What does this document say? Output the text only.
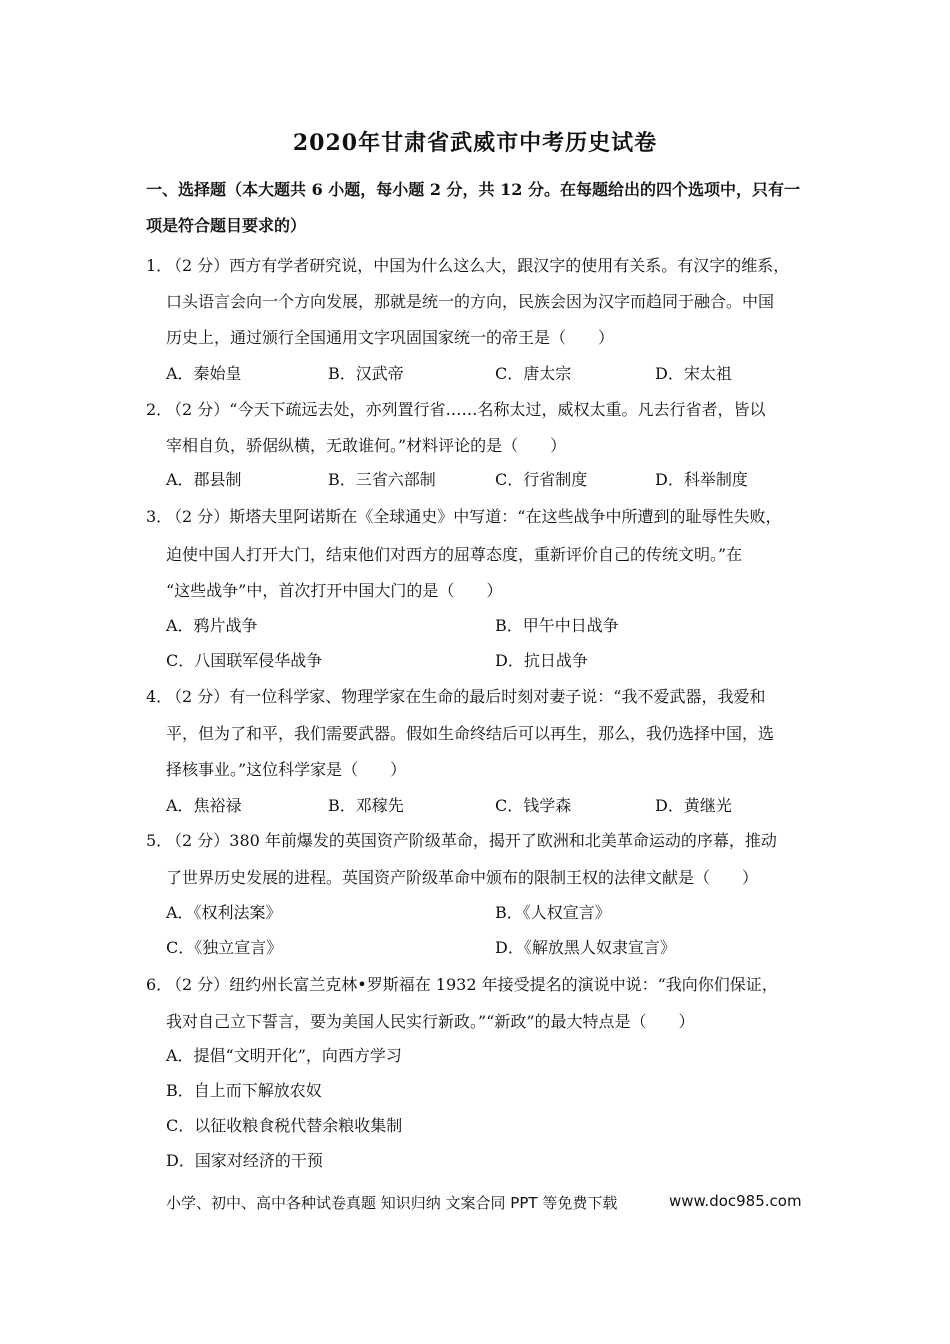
2020年甘肃省武威市中考历史试卷
一、选择题（本大题共 6 小题，每小题 2 分，共 12 分。在每题给出的四个选项中，只有一
项是符合题目要求的）
1．
（2 分）西方有学者研究说，中国为什么这么大，跟汉字的使用有关系。有汉字的维系，
口头语言会向一个方向发展，那就是统一的方向，民族会因为汉字而趋同于融合。中国
历史上，通过颁行全国通用文字巩固国家统一的帝王是（　　）
A．秦始皇	B．汉武帝	C．唐太宗	D．宋太祖
2．
（2 分）“今天下疏远去处，亦列置行省……名称太过，威权太重。凡去行省者，皆以
宰相自负，骄倨纵横，无敢谁何。”材料评论的是（　　）
A．郡县制	B．三省六部制	C．行省制度	D．科举制度
3．
（2 分）斯塔夫里阿诺斯在《全球通史》中写道：“在这些战争中所遭到的耻辱性失败，
迫使中国人打开大门，结束他们对西方的屈尊态度，重新评价自己的传统文明。”在
“这些战争”中，首次打开中国大门的是（　　）
A．鸦片战争	B．甲午中日战争
C．八国联军侵华战争	D．抗日战争
4．
（2 分）有一位科学家、物理学家在生命的最后时刻对妻子说：“我不爱武器，我爱和
平，但为了和平，我们需要武器。假如生命终结后可以再生，那么，我仍选择中国，选
择核事业。”这位科学家是（　　）
A．焦裕禄	B．邓稼先	C．钱学森	D．黄继光
5．
（2 分）380 年前爆发的英国资产阶级革命，揭开了欧洲和北美革命运动的序幕，推动
了世界历史发展的进程。英国资产阶级革命中颁布的限制王权的法律文献是（　　）
A．《权利法案》	B．《人权宣言》
C．《独立宣言》	D．《解放黑人奴隶宣言》
6．
（2 分）纽约州长富兰克林•罗斯福在 1932 年接受提名的演说中说：“我向你们保证，
我对自己立下誓言，要为美国人民实行新政。”“新政”的最大特点是（　　）
A．提倡“文明开化”，向西方学习
B．自上而下解放农奴
C．以征收粮食税代替余粮收集制
D．国家对经济的干预
小学、初中、高中各种试卷真题 知识归纳 文案合同 PPT 等免费下载	www.doc985.com
